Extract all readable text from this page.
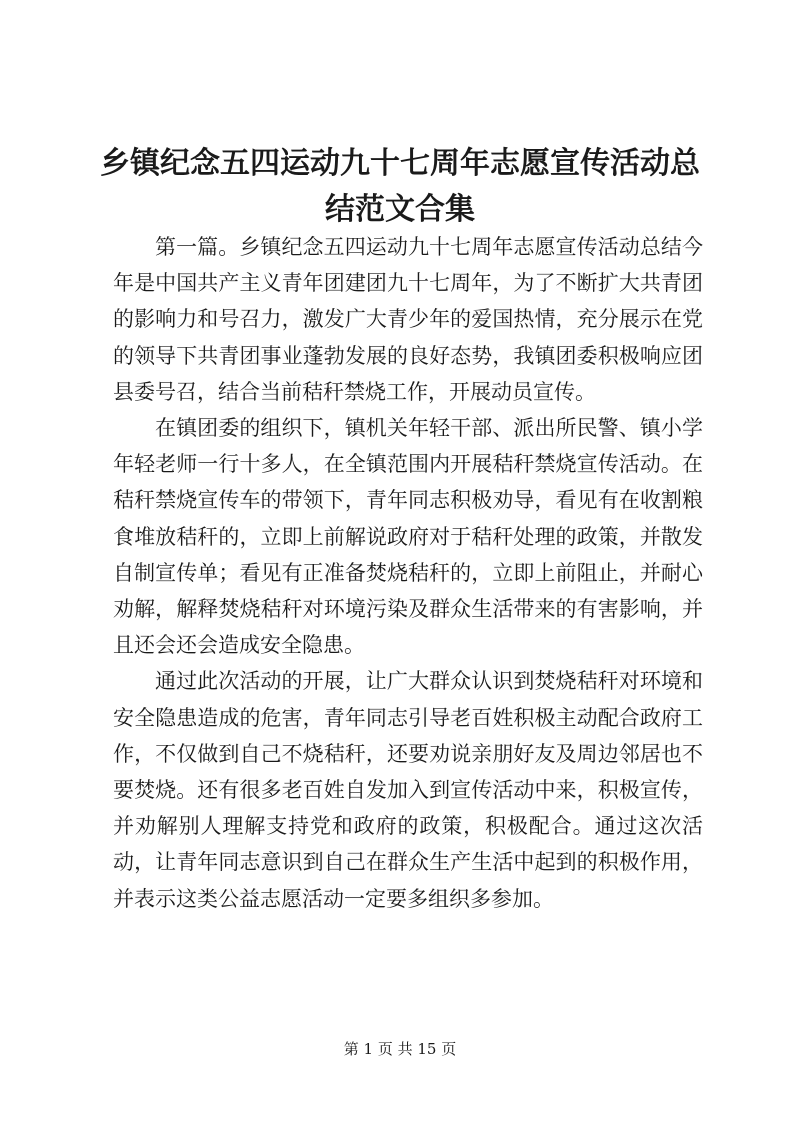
乡镇纪念五四运动九十七周年志愿宣传活动总结范文合集

第一篇。乡镇纪念五四运动九十七周年志愿宣传活动总结今年是中国共产主义青年团建团九十七周年，为了不断扩大共青团的影响力和号召力，激发广大青少年的爱国热情，充分展示在党的领导下共青团事业蓬勃发展的良好态势，我镇团委积极响应团县委号召，结合当前秸秆禁烧工作，开展动员宣传。

在镇团委的组织下，镇机关年轻干部、派出所民警、镇小学年轻老师一行十多人，在全镇范围内开展秸秆禁烧宣传活动。在秸秆禁烧宣传车的带领下，青年同志积极劝导，看见有在收割粮食堆放秸秆的，立即上前解说政府对于秸秆处理的政策，并散发自制宣传单；看见有正准备焚烧秸秆的，立即上前阻止，并耐心劝解，解释焚烧秸秆对环境污染及群众生活带来的有害影响，并且还会还会造成安全隐患。

通过此次活动的开展，让广大群众认识到焚烧秸秆对环境和安全隐患造成的危害，青年同志引导老百姓积极主动配合政府工作，不仅做到自己不烧秸秆，还要劝说亲朋好友及周边邻居也不要焚烧。还有很多老百姓自发加入到宣传活动中来，积极宣传，并劝解别人理解支持党和政府的政策，积极配合。通过这次活动，让青年同志意识到自己在群众生产生活中起到的积极作用，并表示这类公益志愿活动一定要多组织多参加。

第 1 页 共 15 页
